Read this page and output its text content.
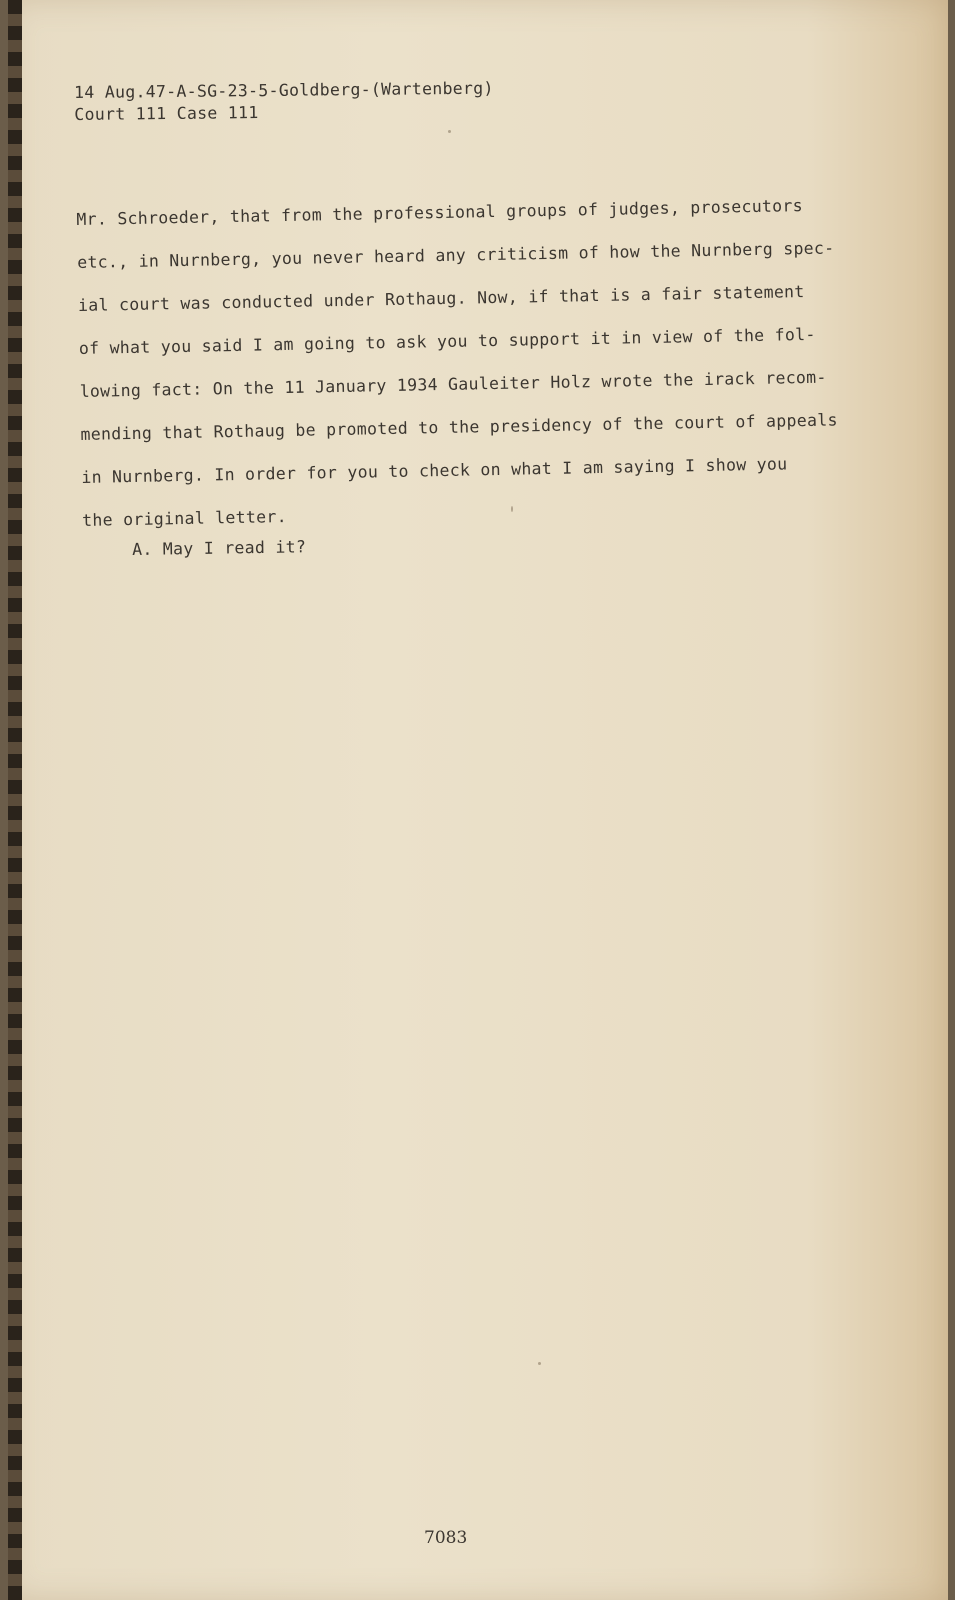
14 Aug.47-A-SG-23-5-Goldberg-(Wartenberg)
Court 111 Case 111
Mr. Schroeder, that from the professional groups of judges, prosecutors
etc., in Nurnberg, you never heard any criticism of how the Nurnberg spec-
ial court was conducted under Rothaug. Now, if that is a fair statement
of what you said I am going to ask you to support it in view of the fol-
lowing fact: On the 11 January 1934 Gauleiter Holz wrote the irack recom-
mending that Rothaug be promoted to the presidency of the court of appeals
in Nurnberg. In order for you to check on what I am saying I show you
the original letter.
A. May I read it?
7083
